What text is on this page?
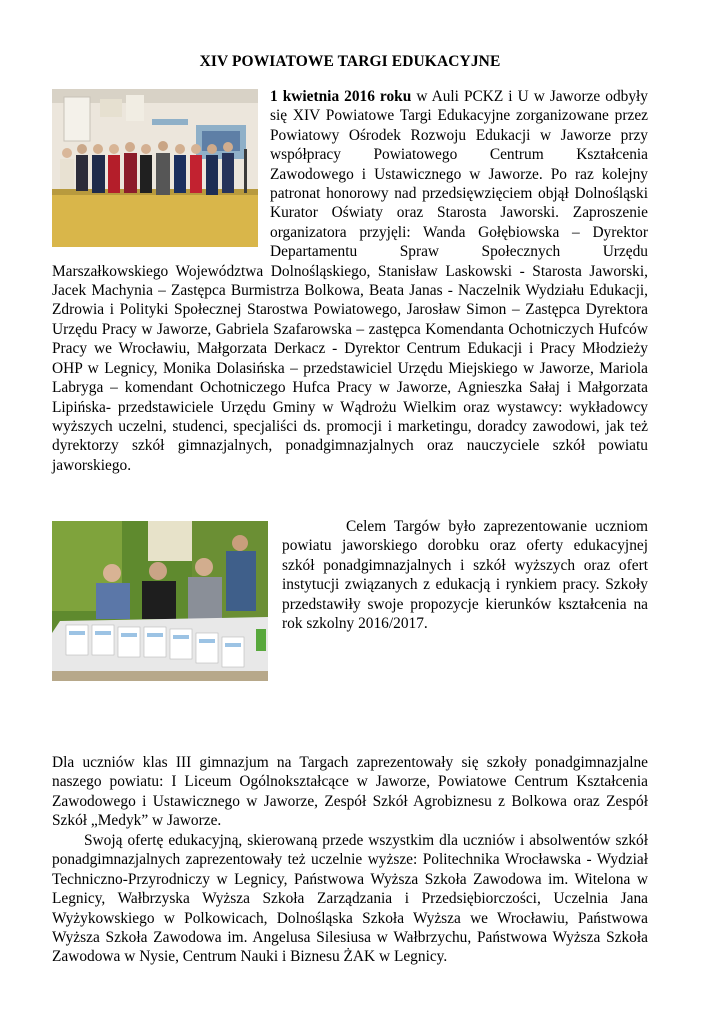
XIV POWIATOWE TARGI EDUKACYJNE
1 kwietnia 2016 roku w Auli PCKZ i U w Jaworze odbyły się XIV Powiatowe Targi Edukacyjne zorganizowane przez Powiatowy Ośrodek Rozwoju Edukacji w Jaworze przy współpracy Powiatowego Centrum Kształcenia Zawodowego i Ustawicznego w Jaworze. Po raz kolejny patronat honorowy nad przedsięwzięciem objął Dolnośląski Kurator Oświaty oraz Starosta Jaworski. Zaproszenie organizatora przyjęli: Wanda Gołębiowska – Dyrektor Departamentu Spraw Społecznych Urzędu Marszałkowskiego Województwa Dolnośląskiego, Stanisław Laskowski - Starosta Jaworski, Jacek Machynia – Zastępca Burmistrza Bolkowa, Beata Janas - Naczelnik Wydziału Edukacji, Zdrowia i Polityki Społecznej Starostwa Powiatowego, Jarosław Simon – Zastępca Dyrektora Urzędu Pracy w Jaworze, Gabriela Szafarowska – zastępca Komendanta Ochotniczych Hufców Pracy we Wrocławiu, Małgorzata Derkacz - Dyrektor Centrum Edukacji i Pracy Młodzieży OHP w Legnicy, Monika Dolasińska – przedstawiciel Urzędu Miejskiego w Jaworze, Mariola Labryga – komendant Ochotniczego Hufca Pracy w Jaworze, Agnieszka Sałaj i Małgorzata Lipińska- przedstawiciele Urzędu Gminy w Wądrożu Wielkim oraz wystawcy: wykładowcy wyższych uczelni, studenci, specjaliści ds. promocji i marketingu, doradcy zawodowi, jak też dyrektorzy szkół gimnazjalnych, ponadgimnazjalnych oraz nauczyciele szkół powiatu jaworskiego.
Celem Targów było zaprezentowanie uczniom powiatu jaworskiego dorobku oraz oferty edukacyjnej szkół ponadgimnazjalnych i szkół wyższych oraz ofert instytucji związanych z edukacją i rynkiem pracy. Szkoły przedstawiły swoje propozycje kierunków kształcenia na rok szkolny 2016/2017.
Dla uczniów klas III gimnazjum na Targach zaprezentowały się szkoły ponadgimnazjalne naszego powiatu: I Liceum Ogólnokształcące w Jaworze, Powiatowe Centrum Kształcenia Zawodowego i Ustawicznego w Jaworze, Zespół Szkół Agrobiznesu z Bolkowa oraz Zespół Szkół „Medyk” w Jaworze.
Swoją ofertę edukacyjną, skierowaną przede wszystkim dla uczniów i absolwentów szkół ponadgimnazjalnych zaprezentowały też uczelnie wyższe: Politechnika Wrocławska - Wydział Techniczno-Przyrodniczy w Legnicy, Państwowa Wyższa Szkoła Zawodowa im. Witelona w Legnicy, Wałbrzyska Wyższa Szkoła Zarządzania i Przedsiębiorczości, Uczelnia Jana Wyżykowskiego w Polkowicach, Dolnośląska Szkoła Wyższa we Wrocławiu, Państwowa Wyższa Szkoła Zawodowa im. Angelusa Silesiusa w Wałbrzychu, Państwowa Wyższa Szkoła Zawodowa w Nysie, Centrum Nauki i Biznesu ŻAK w Legnicy.
